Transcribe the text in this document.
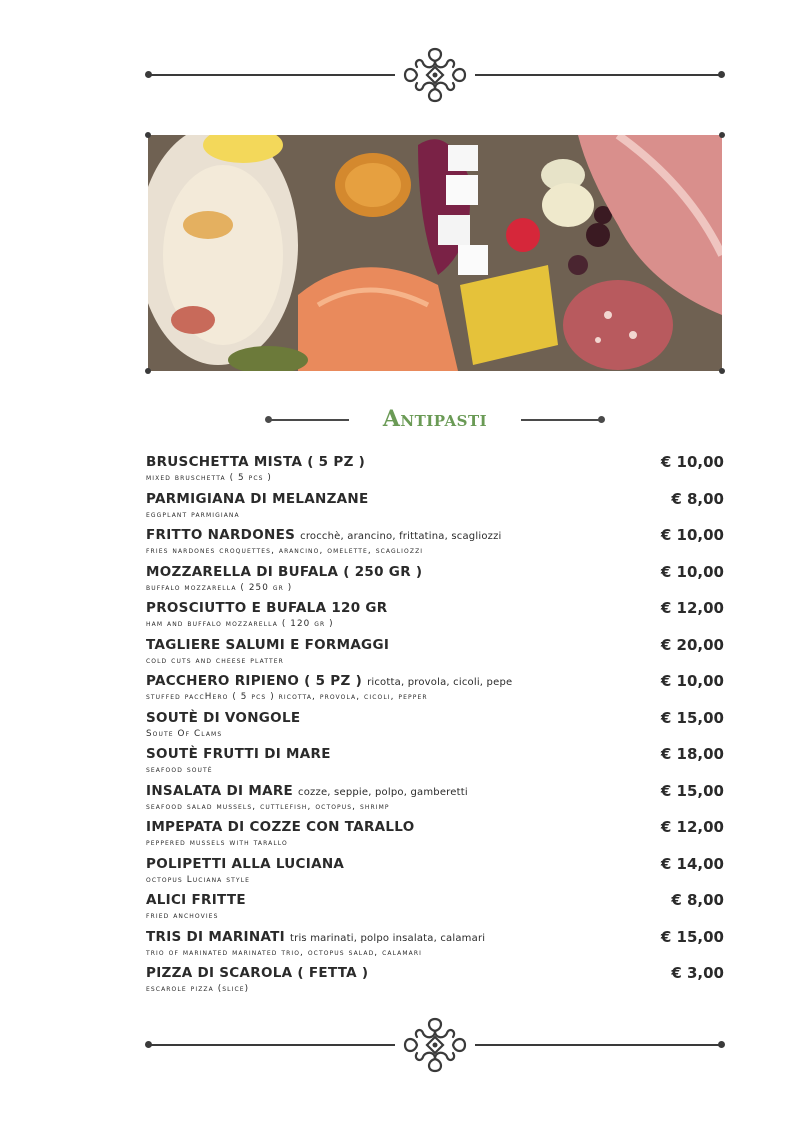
Antipasti
BRUSCHETTA MISTA ( 5 PZ )
mixed bruschetta ( 5 pcs )
€ 10,00
PARMIGIANA DI MELANZANE
eggplant parmigiana
€ 8,00
FRITTO NARDONES crocchè, arancino, frittatina, scagliozzi
fries nardones croquettes, arancino, omelette, scagliozzi
€ 10,00
MOZZARELLA DI BUFALA ( 250 GR )
buffalo mozzarella ( 250 gr )
€ 10,00
PROSCIUTTO E BUFALA 120 GR
ham and buffalo mozzarella ( 120 gr )
€ 12,00
TAGLIERE SALUMI E FORMAGGI
cold cuts and cheese platter
€ 20,00
PACCHERO RIPIENO ( 5 PZ ) ricotta, provola, cicoli, pepe
stuffed paccHero ( 5 pcs ) ricotta, provola, cicoli, pepper
€ 10,00
SOUTÈ DI VONGOLE
Soute Of Clams
€ 15,00
SOUTÈ FRUTTI DI MARE
seafood souté
€ 18,00
INSALATA DI MARE cozze, seppie, polpo, gamberetti
seafood salad mussels, cuttlefish, octopus, shrimp
€ 15,00
IMPEPATA DI COZZE CON TARALLO
peppered mussels with tarallo
€ 12,00
POLIPETTI ALLA LUCIANA
octopus Luciana style
€ 14,00
ALICI FRITTE
fried anchovies
€ 8,00
TRIS DI MARINATI tris marinati, polpo insalata, calamari
trio of marinated marinated trio, octopus salad, calamari
€ 15,00
PIZZA DI SCAROLA ( FETTA )
escarole pizza (slice)
€ 3,00
